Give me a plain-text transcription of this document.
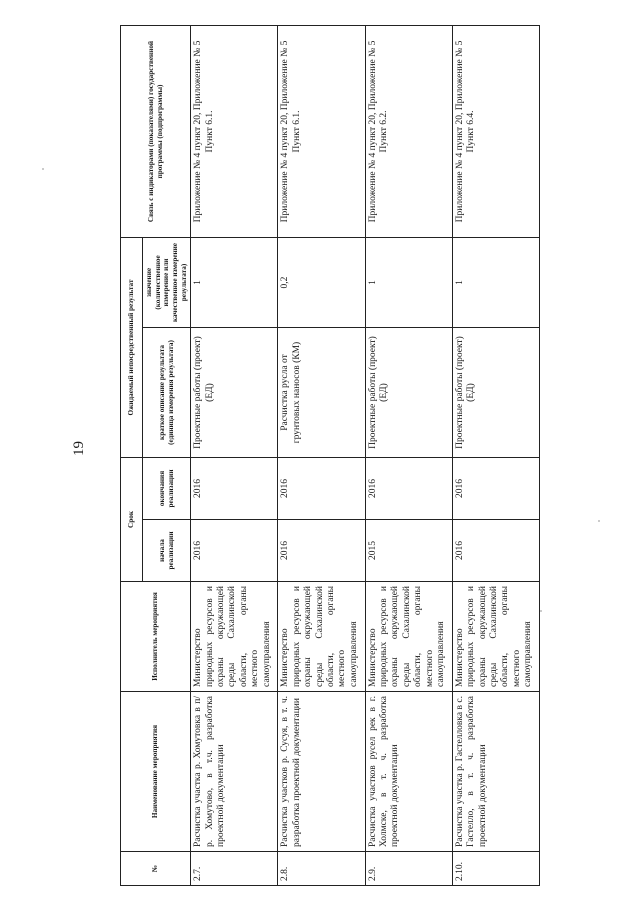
19
№	Наименование мероприятия	Исполнитель мероприятия	Срок		Ожидаемый непосредственный результат		Связь с индикаторами (показателями) государственной программы (подпрограммы)
			начала реализации	окончания реализации	краткое описание результата (единица измерения результата)	значение (количественное измерение или качественное измерение результата)	
2.7.	Расчистка участка р. Хомутовка в п/р. Хомутово, в т.ч. разработка проектной документации	Министерство природных ресурсов и охраны окружающей среды Сахалинской области, органы местного самоуправления	2016	2016	Проектные работы (проект) (ЕД)	1	Приложение № 4 пункт 20, Приложение № 5 Пункт 6.1.
2.8.	Расчистка участков р. Сусуя, в т. ч. разработка проектной документации	Министерство природных ресурсов и охраны окружающей среды Сахалинской области, органы местного самоуправления	2016	2016	Расчистка русла от грунтовых наносов (КМ)	0,2	Приложение № 4 пункт 20, Приложение № 5 Пункт 6.1.
2.9.	Расчистка участков русел рек в г. Холмске, в т. ч. разработка проектной документации	Министерство природных ресурсов и охраны окружающей среды Сахалинской области, органы местного самоуправления	2015	2016	Проектные работы (проект) (ЕД)	1	Приложение № 4 пункт 20, Приложение № 5 Пункт 6.2.
2.10.	Расчистка участка р. Гастелловка в с. Гастелло, в т. ч. разработка проектной документации	Министерство природных ресурсов и охраны окружающей среды Сахалинской области, органы местного самоуправления	2016	2016	Проектные работы (проект) (ЕД)	1	Приложение № 4 пункт 20, Приложение № 5 Пункт 6.4.
